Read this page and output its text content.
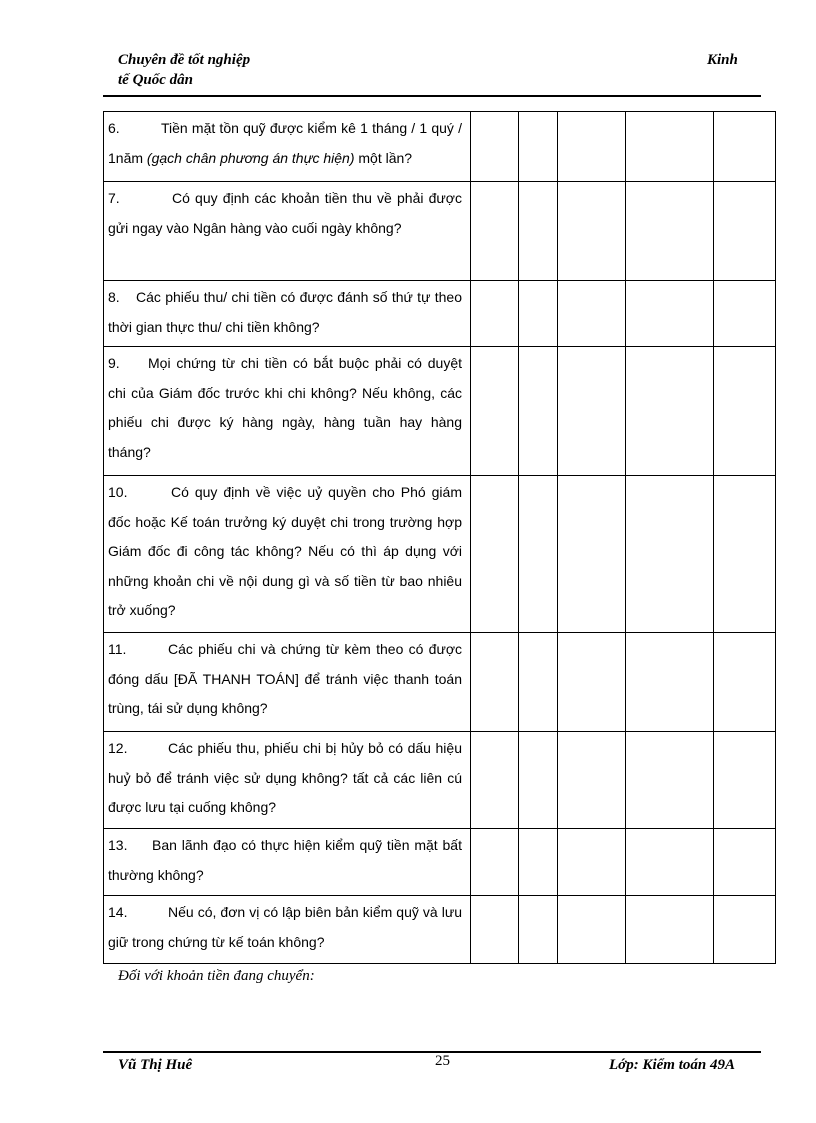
Chuyên đề tốt nghiệp
tế Quốc dân
Kinh
6. Tiền mặt tồn quỹ được kiểm kê 1 tháng / 1 quý / 1năm (gạch chân phương án thực hiện) một lần?					
7. Có quy định các khoản tiền thu về phải được gửi ngay vào Ngân hàng vào cuối ngày không?					
8. Các phiếu thu/ chi tiền có được đánh số thứ tự theo thời gian thực thu/ chi tiền không?					
9. Mọi chứng từ chi tiền có bắt buộc phải có duyệt chi của Giám đốc trước khi chi không? Nếu không, các phiếu chi được ký hàng ngày, hàng tuần hay hàng tháng?					
10. Có quy định về việc uỷ quyền cho Phó giám đốc hoặc Kế toán trưởng ký duyệt chi trong trường hợp Giám đốc đi công tác không? Nếu có thì áp dụng với những khoản chi về nội dung gì và số tiền từ bao nhiêu trở xuống?					
11. Các phiếu chi và chứng từ kèm theo có được đóng dấu [ĐÃ THANH TOÁN] để tránh việc thanh toán trùng, tái sử dụng không?					
12. Các phiếu thu, phiếu chi bị hủy bỏ có dấu hiệu huỷ bỏ để tránh việc sử dụng không? tất cả các liên cú được lưu tại cuống không?					
13. Ban lãnh đạo có thực hiện kiểm quỹ tiền mặt bất thường không?					
14. Nếu có, đơn vị có lập biên bản kiểm quỹ và lưu giữ trong chứng từ kế toán không?					
Đối với khoản tiền đang chuyển:
Vũ Thị Huê	25	Lớp: Kiểm toán 49A
